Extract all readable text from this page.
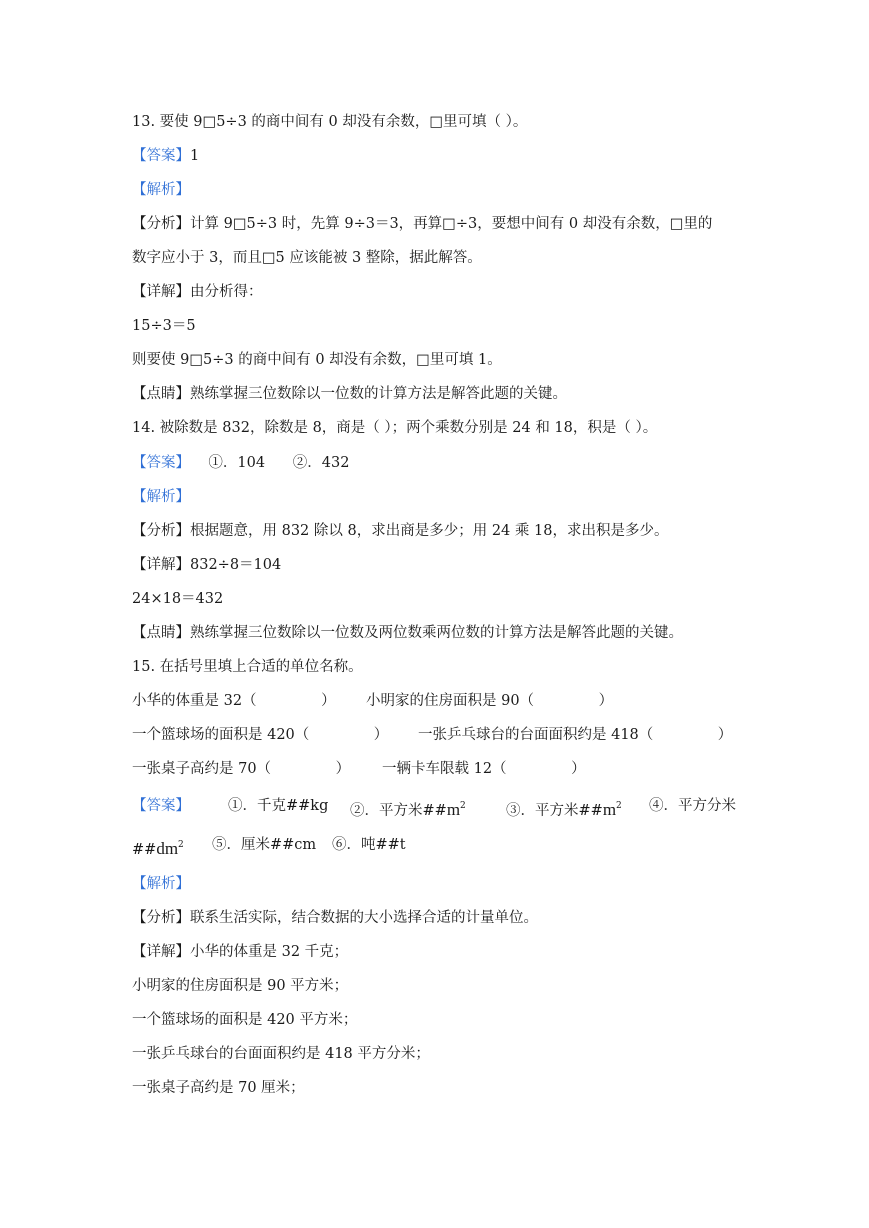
13. 要使 9□5÷3 的商中间有 0 却没有余数，□里可填（ ）。
【答案】1
【解析】
【分析】计算 9□5÷3 时，先算 9÷3＝3，再算□÷3，要想中间有 0 却没有余数，□里的
数字应小于 3，而且□5 应该能被 3 整除，据此解答。
【详解】由分析得：
15÷3＝5
则要使 9□5÷3 的商中间有 0 却没有余数，□里可填 1。
【点睛】熟练掌握三位数除以一位数的计算方法是解答此题的关键。
14. 被除数是 832，除数是 8，商是（ ）；两个乘数分别是 24 和 18，积是（ ）。
【答案】    ①．104      ②．432
【解析】
【分析】根据题意，用 832 除以 8，求出商是多少；用 24 乘 18，求出积是多少。
【详解】832÷8＝104
24×18＝432
【点睛】熟练掌握三位数除以一位数及两位数乘两位数的计算方法是解答此题的关键。
15. 在括号里填上合适的单位名称。
小华的体重是 32（              ） 小明家的住房面积是 90（              ）
一个篮球场的面积是 420（              ） 一张乒乓球台的台面面积约是 418（              ）
一张桌子高约是 70（              ） 一辆卡车限载 12（              ）
【答案】	①．千克##kg ②．平方米$\#\#m^2$	③．平方米$\#\#m^2$ ④．平方分米
$\#\#dm^2$ ⑤．厘米##cm ⑥．吨##t
【解析】
【分析】联系生活实际，结合数据的大小选择合适的计量单位。
【详解】小华的体重是 32 千克；
小明家的住房面积是 90 平方米；
一个篮球场的面积是 420 平方米；
一张乒乓球台的台面面积约是 418 平方分米；
一张桌子高约是 70 厘米；
